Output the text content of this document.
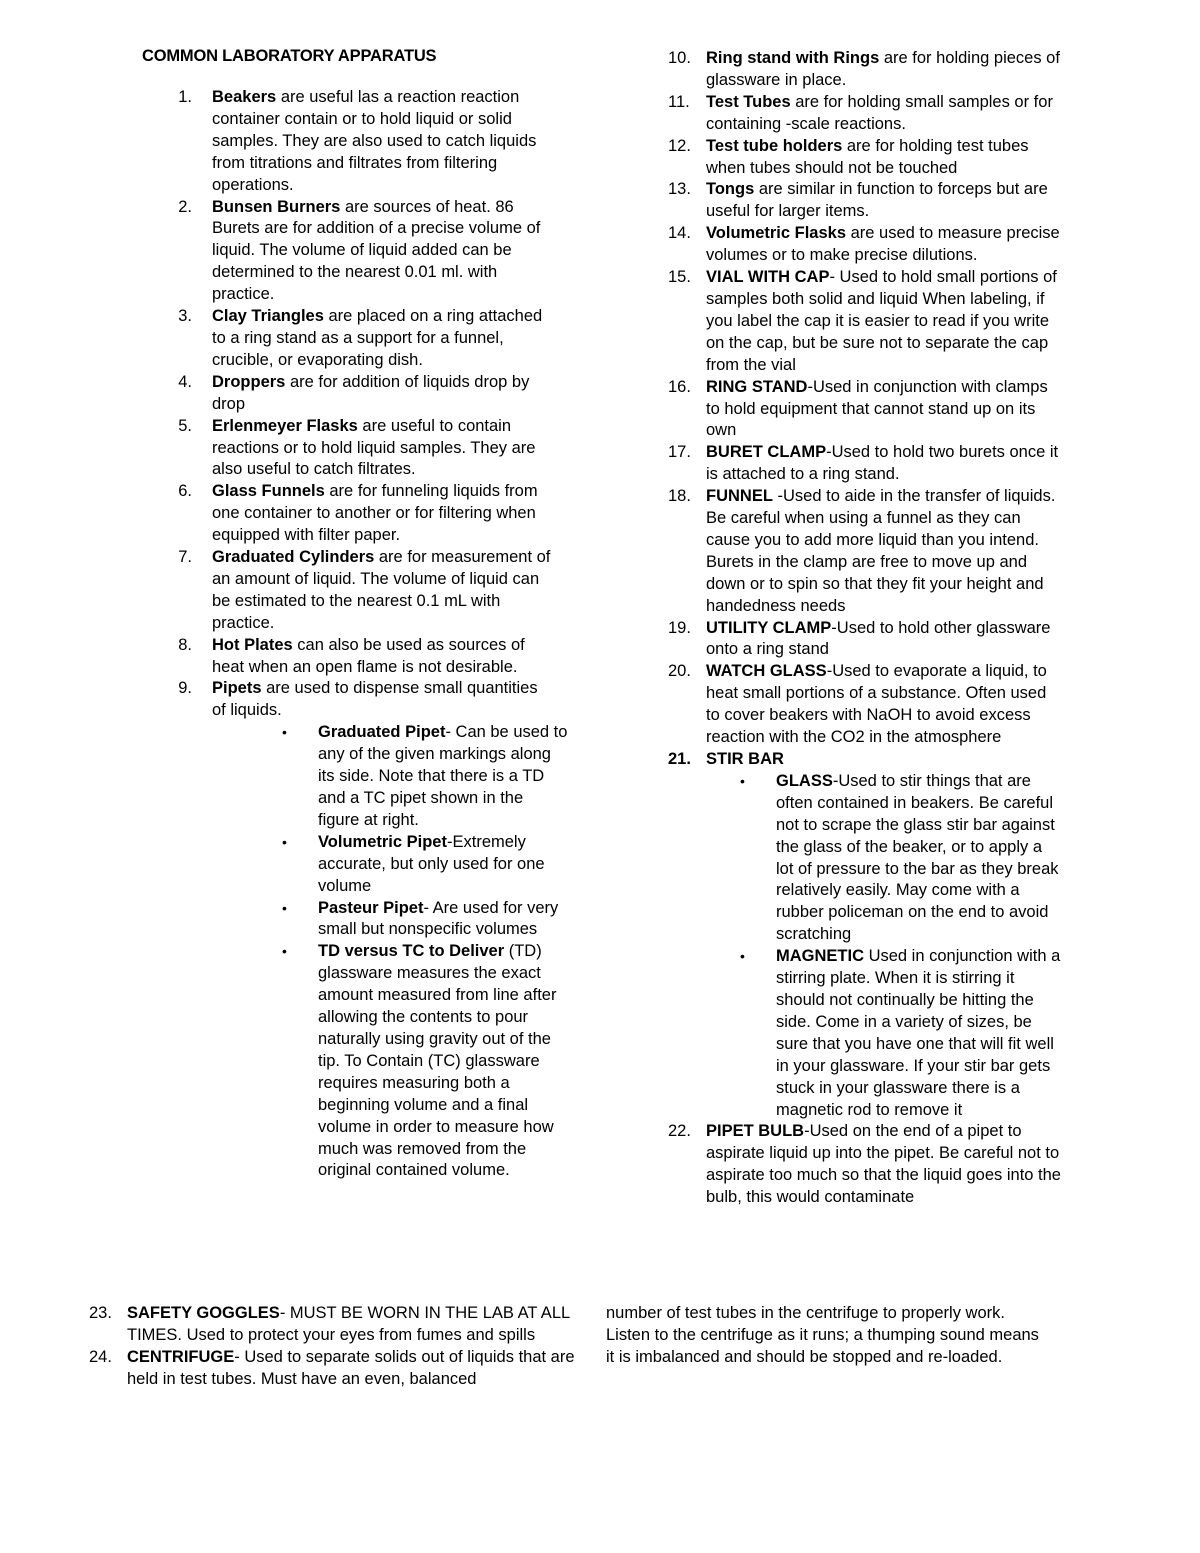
COMMON LABORATORY APPARATUS
1. Beakers are useful las a reaction reaction container contain or to hold liquid or solid samples. They are also used to catch liquids from titrations and filtrates from filtering operations.
2. Bunsen Burners are sources of heat. 86 Burets are for addition of a precise volume of liquid. The volume of liquid added can be determined to the nearest 0.01 ml. with practice.
3. Clay Triangles are placed on a ring attached to a ring stand as a support for a funnel, crucible, or evaporating dish.
4. Droppers are for addition of liquids drop by drop
5. Erlenmeyer Flasks are useful to contain reactions or to hold liquid samples. They are also useful to catch filtrates.
6. Glass Funnels are for funneling liquids from one container to another or for filtering when equipped with filter paper.
7. Graduated Cylinders are for measurement of an amount of liquid. The volume of liquid can be estimated to the nearest 0.1 mL with practice.
8. Hot Plates can also be used as sources of heat when an open flame is not desirable.
9. Pipets are used to dispense small quantities of liquids.
• Graduated Pipet- Can be used to any of the given markings along its side. Note that there is a TD and a TC pipet shown in the figure at right.
• Volumetric Pipet-Extremely accurate, but only used for one volume
• Pasteur Pipet- Are used for very small but nonspecific volumes
• TD versus TC to Deliver (TD) glassware measures the exact amount measured from line after allowing the contents to pour naturally using gravity out of the tip. To Contain (TC) glassware requires measuring both a beginning volume and a final volume in order to measure how much was removed from the original contained volume.
10. Ring stand with Rings are for holding pieces of glassware in place.
11. Test Tubes are for holding small samples or for containing -scale reactions.
12. Test tube holders are for holding test tubes when tubes should not be touched
13. Tongs are similar in function to forceps but are useful for larger items.
14. Volumetric Flasks are used to measure precise volumes or to make precise dilutions.
15. VIAL WITH CAP- Used to hold small portions of samples both solid and liquid When labeling, if you label the cap it is easier to read if you write on the cap, but be sure not to separate the cap from the vial
16. RING STAND-Used in conjunction with clamps to hold equipment that cannot stand up on its own
17. BURET CLAMP-Used to hold two burets once it is attached to a ring stand.
18. FUNNEL -Used to aide in the transfer of liquids. Be careful when using a funnel as they can cause you to add more liquid than you intend. Burets in the clamp are free to move up and down or to spin so that they fit your height and handedness needs
19. UTILITY CLAMP-Used to hold other glassware onto a ring stand
20. WATCH GLASS-Used to evaporate a liquid, to heat small portions of a substance. Often used to cover beakers with NaOH to avoid excess reaction with the CO2 in the atmosphere
21. STIR BAR
• GLASS-Used to stir things that are often contained in beakers. Be careful not to scrape the glass stir bar against the glass of the beaker, or to apply a lot of pressure to the bar as they break relatively easily. May come with a rubber policeman on the end to avoid scratching
• MAGNETIC Used in conjunction with a stirring plate. When it is stirring it should not continually be hitting the side. Come in a variety of sizes, be sure that you have one that will fit well in your glassware. If your stir bar gets stuck in your glassware there is a magnetic rod to remove it
22. PIPET BULB-Used on the end of a pipet to aspirate liquid up into the pipet. Be careful not to aspirate too much so that the liquid goes into the bulb, this would contaminate
23. SAFETY GOGGLES- MUST BE WORN IN THE LAB AT ALL TIMES. Used to protect your eyes from fumes and spills
24. CENTRIFUGE- Used to separate solids out of liquids that are held in test tubes. Must have an even, balanced
number of test tubes in the centrifuge to properly work. Listen to the centrifuge as it runs; a thumping sound means it is imbalanced and should be stopped and re-loaded.
